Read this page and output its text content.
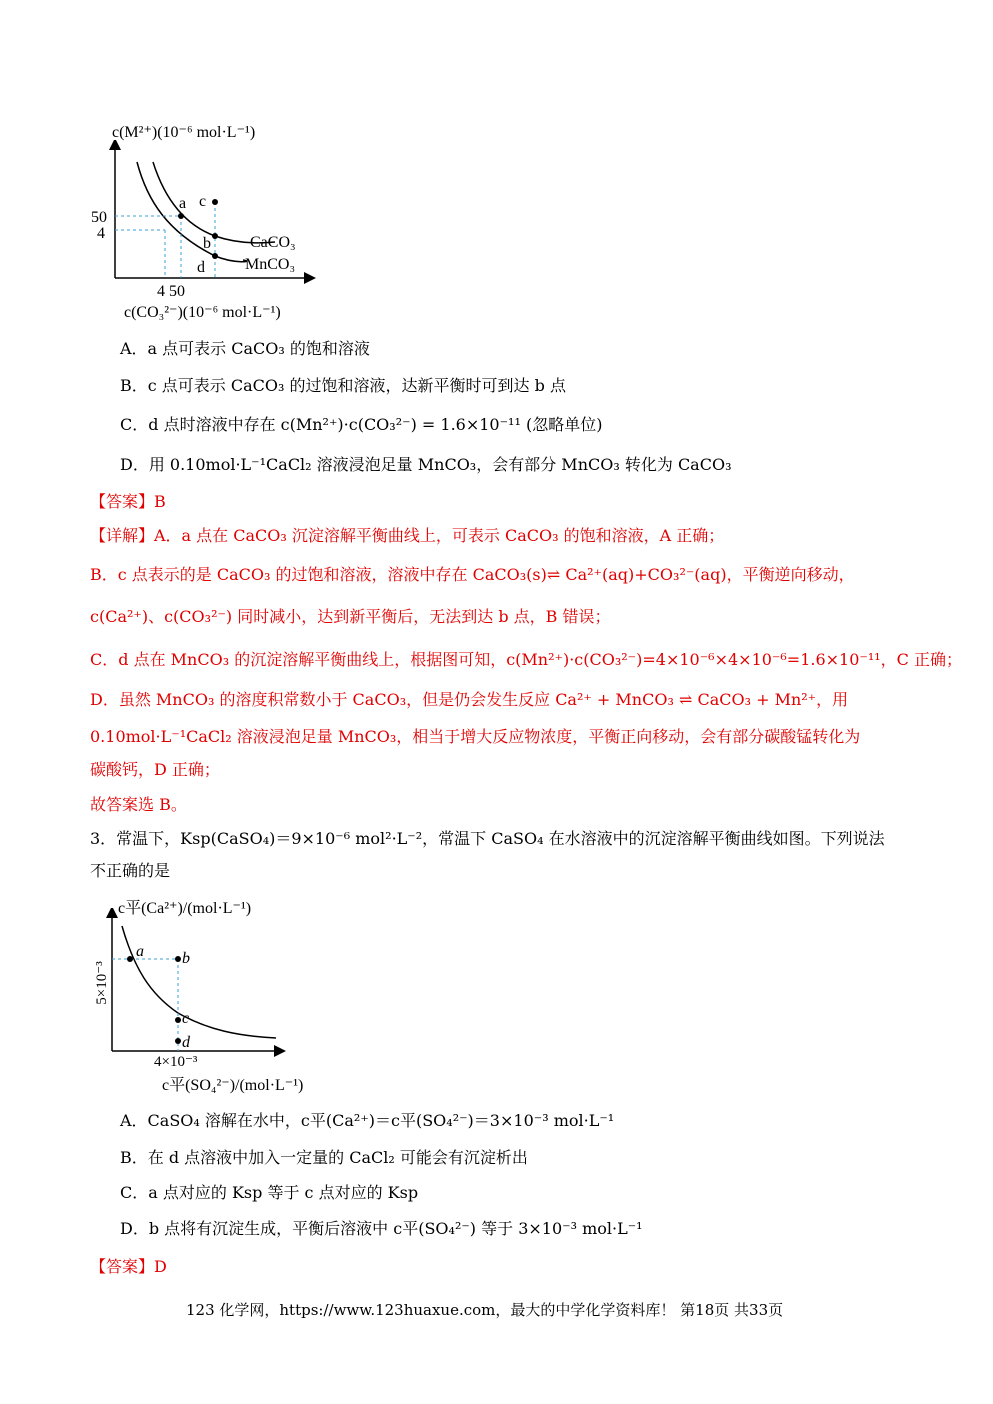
c(M²⁺)(10⁻⁶ mol·L⁻¹)
a c
b
d
CaCO₃
MnCO₃
50
4
4 50
c(CO₃²⁻)(10⁻⁶ mol·L⁻¹)
A．a 点可表示 CaCO₃ 的饱和溶液
B．c 点可表示 CaCO₃ 的过饱和溶液，达新平衡时可到达 b 点
C．d 点时溶液中存在 c(Mn²⁺)·c(CO₃²⁻) = 1.6×10⁻¹¹ (忽略单位)
D．用 0.10mol·L⁻¹CaCl₂ 溶液浸泡足量 MnCO₃，会有部分 MnCO₃ 转化为 CaCO₃
【答案】B
【详解】A．a 点在 CaCO₃ 沉淀溶解平衡曲线上，可表示 CaCO₃ 的饱和溶液，A 正确；
B．c 点表示的是 CaCO₃ 的过饱和溶液，溶液中存在 CaCO₃(s)⇌ Ca²⁺(aq)+CO₃²⁻(aq)，平衡逆向移动，
c(Ca²⁺)、c(CO₃²⁻) 同时减小，达到新平衡后，无法到达 b 点，B 错误；
C．d 点在 MnCO₃ 的沉淀溶解平衡曲线上，根据图可知，c(Mn²⁺)·c(CO₃²⁻)=4×10⁻⁶×4×10⁻⁶=1.6×10⁻¹¹，C 正确；
D．虽然 MnCO₃ 的溶度积常数小于 CaCO₃，但是仍会发生反应 Ca²⁺ + MnCO₃ ⇌ CaCO₃ + Mn²⁺，用
0.10mol·L⁻¹CaCl₂ 溶液浸泡足量 MnCO₃，相当于增大反应物浓度，平衡正向移动，会有部分碳酸锰转化为
碳酸钙，D 正确；
故答案选 B。
3．常温下，Ksp(CaSO₄)＝9×10⁻⁶ mol²·L⁻²，常温下 CaSO₄ 在水溶液中的沉淀溶解平衡曲线如图。下列说法
不正确的是
c平(Ca²⁺)/(mol·L⁻¹)
a b
c
d
5×10⁻³
4×10⁻³
c平(SO₄²⁻)/(mol·L⁻¹)
A．CaSO₄ 溶解在水中，c平(Ca²⁺)＝c平(SO₄²⁻)＝3×10⁻³ mol·L⁻¹
B．在 d 点溶液中加入一定量的 CaCl₂ 可能会有沉淀析出
C．a 点对应的 Ksp 等于 c 点对应的 Ksp
D．b 点将有沉淀生成，平衡后溶液中 c平(SO₄²⁻) 等于 3×10⁻³ mol·L⁻¹
【答案】D
123 化学网，https://www.123huaxue.com，最大的中学化学资料库！ 第18页 共33页
